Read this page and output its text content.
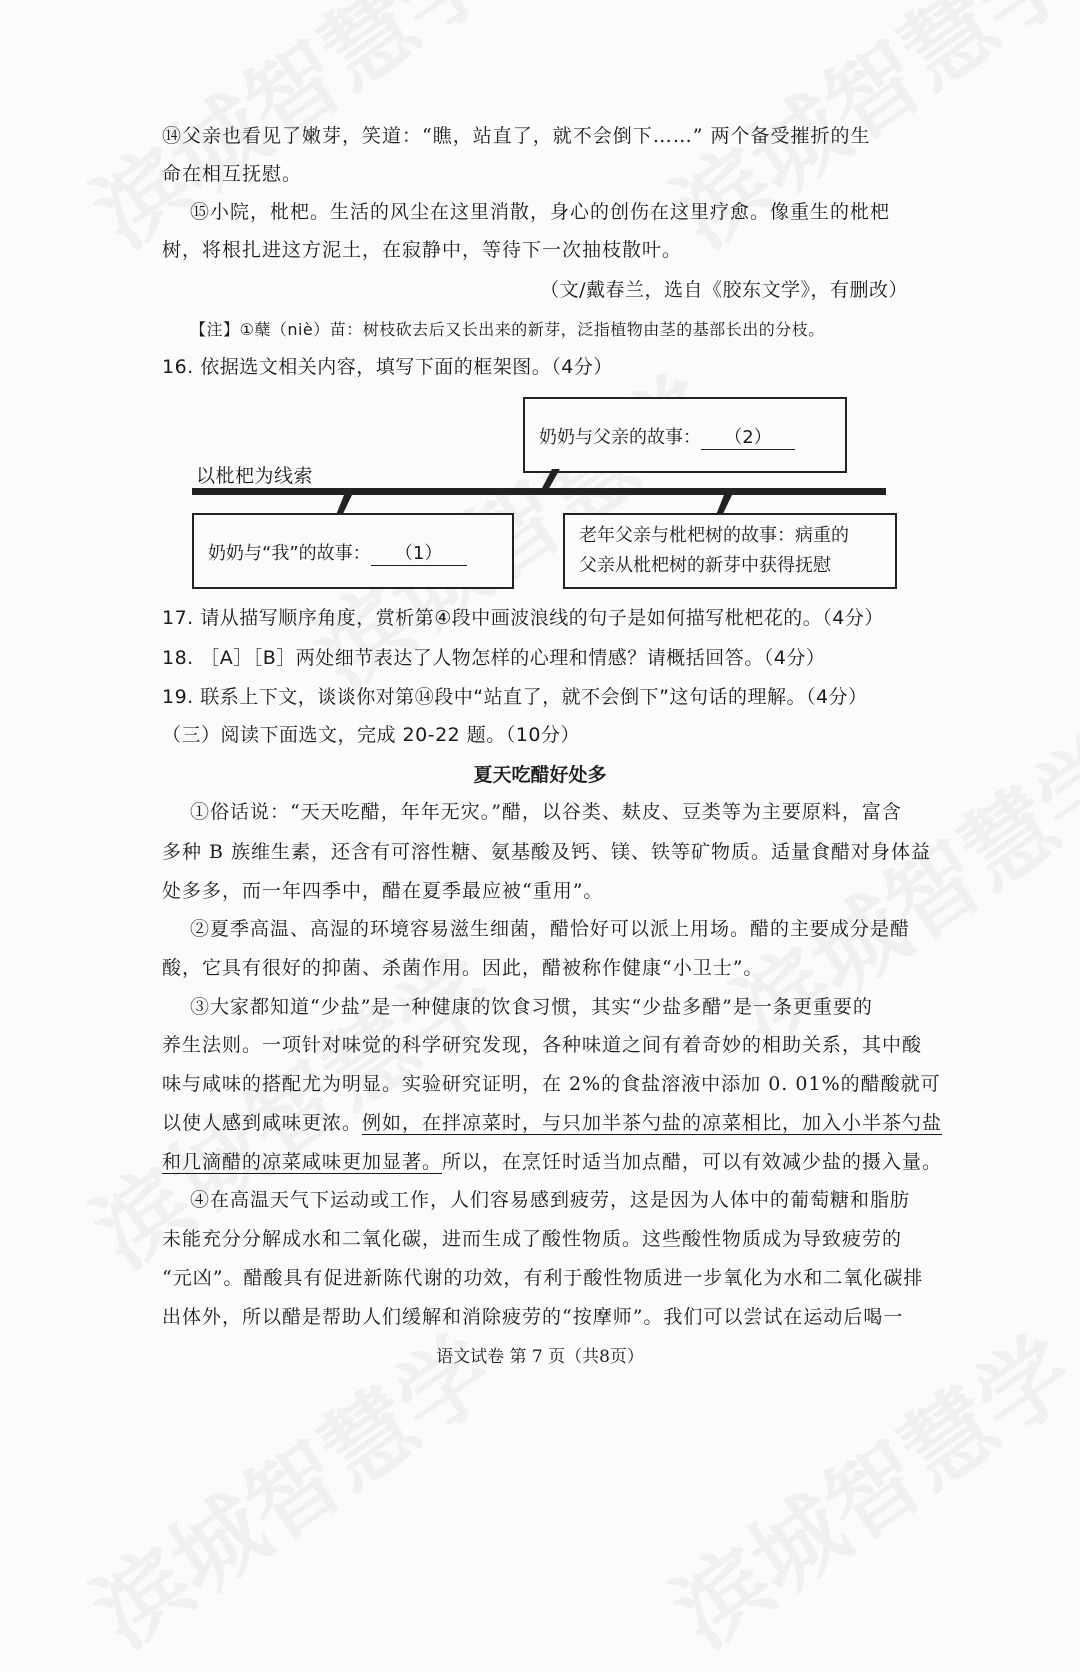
⑭父亲也看见了嫩芽，笑道：“瞧，站直了，就不会倒下……” 两个备受摧折的生
命在相互抚慰。
⑮小院，枇杷。生活的风尘在这里消散，身心的创伤在这里疗愈。像重生的枇杷
树，将根扎进这方泥土，在寂静中，等待下一次抽枝散叶。
（文/戴春兰，选自《胶东文学》，有删改）
【注】①蘖（niè）苗：树枝砍去后又长出来的新芽，泛指植物由茎的基部长出的分枝。
16. 依据选文相关内容，填写下面的框架图。（4分）
奶奶与父亲的故事： （2）
以枇杷为线索
奶奶与“我”的故事： （1）
老年父亲与枇杷树的故事：病重的
父亲从枇杷树的新芽中获得抚慰
17. 请从描写顺序角度，赏析第④段中画波浪线的句子是如何描写枇杷花的。（4分）
18. ［A］［B］两处细节表达了人物怎样的心理和情感？请概括回答。（4分）
19. 联系上下文，谈谈你对第⑭段中“站直了，就不会倒下”这句话的理解。（4分）
（三）阅读下面选文，完成 20-22 题。（10分）
夏天吃醋好处多
①俗话说：“天天吃醋，年年无灾。”醋，以谷类、麸皮、豆类等为主要原料，富含
多种 B 族维生素，还含有可溶性糖、氨基酸及钙、镁、铁等矿物质。适量食醋对身体益
处多多，而一年四季中，醋在夏季最应被“重用”。
②夏季高温、高湿的环境容易滋生细菌，醋恰好可以派上用场。醋的主要成分是醋
酸，它具有很好的抑菌、杀菌作用。因此，醋被称作健康“小卫士”。
③大家都知道“少盐”是一种健康的饮食习惯，其实“少盐多醋”是一条更重要的
养生法则。一项针对味觉的科学研究发现，各种味道之间有着奇妙的相助关系，其中酸
味与咸味的搭配尤为明显。实验研究证明，在 2%的食盐溶液中添加 0. 01%的醋酸就可
以使人感到咸味更浓。例如，在拌凉菜时，与只加半茶勺盐的凉菜相比，加入小半茶勺盐
和几滴醋的凉菜咸味更加显著。所以，在烹饪时适当加点醋，可以有效减少盐的摄入量。
④在高温天气下运动或工作，人们容易感到疲劳，这是因为人体中的葡萄糖和脂肪
未能充分分解成水和二氧化碳，进而生成了酸性物质。这些酸性物质成为导致疲劳的
“元凶”。醋酸具有促进新陈代谢的功效，有利于酸性物质进一步氧化为水和二氧化碳排
出体外，所以醋是帮助人们缓解和消除疲劳的“按摩师”。我们可以尝试在运动后喝一
语文试卷 第 7 页（共8页）
